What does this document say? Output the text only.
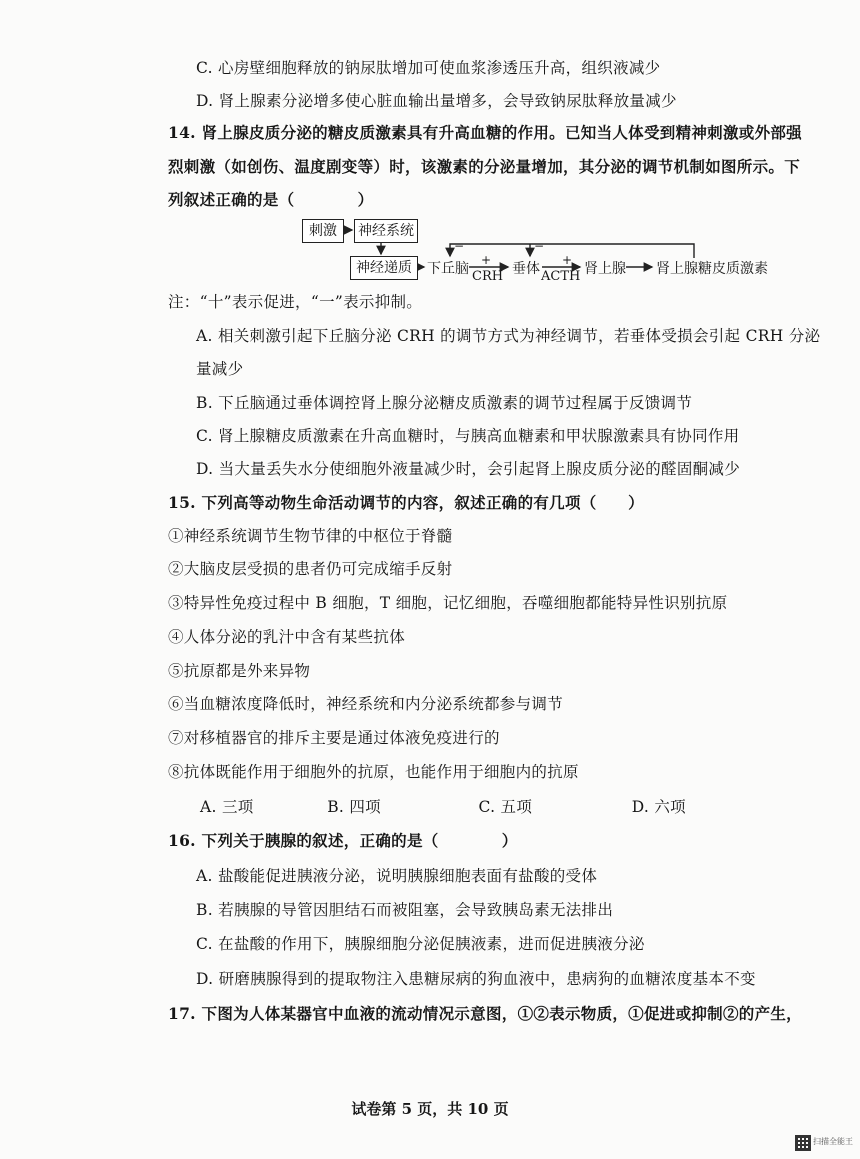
C. 心房壁细胞释放的钠尿肽增加可使血浆渗透压升高，组织液减少
D. 肾上腺素分泌增多使心脏血输出量增多，会导致钠尿肽释放量减少
14. 肾上腺皮质分泌的糖皮质激素具有升高血糖的作用。已知当人体受到精神刺激或外部强
烈刺激（如创伤、温度剧变等）时，该激素的分泌量增加，其分泌的调节机制如图所示。下
列叙述正确的是（　　　　）
刺激	神经系统
神经递质	下丘脑
+
CRH 垂体
+
ACTH 肾上腺 肾上腺糖皮质激素
−	−
注：“十”表示促进，“一”表示抑制。
A. 相关刺激引起下丘脑分泌 CRH 的调节方式为神经调节，若垂体受损会引起 CRH 分泌
量减少
B. 下丘脑通过垂体调控肾上腺分泌糖皮质激素的调节过程属于反馈调节
C. 肾上腺糖皮质激素在升高血糖时，与胰高血糖素和甲状腺激素具有协同作用
D. 当大量丢失水分使细胞外液量减少时，会引起肾上腺皮质分泌的醛固酮减少
15. 下列高等动物生命活动调节的内容，叙述正确的有几项（　　）
①神经系统调节生物节律的中枢位于脊髓
②大脑皮层受损的患者仍可完成缩手反射
③特异性免疫过程中 B 细胞，T 细胞，记忆细胞，吞噬细胞都能特异性识别抗原
④人体分泌的乳汁中含有某些抗体
⑤抗原都是外来异物
⑥当血糖浓度降低时，神经系统和内分泌系统都参与调节
⑦对移植器官的排斥主要是通过体液免疫进行的
⑧抗体既能作用于细胞外的抗原，也能作用于细胞内的抗原
A. 三项	B. 四项	C. 五项	D. 六项
16. 下列关于胰腺的叙述，正确的是（　　　　）
A. 盐酸能促进胰液分泌，说明胰腺细胞表面有盐酸的受体
B. 若胰腺的导管因胆结石而被阻塞，会导致胰岛素无法排出
C. 在盐酸的作用下，胰腺细胞分泌促胰液素，进而促进胰液分泌
D. 研磨胰腺得到的提取物注入患糖尿病的狗血液中，患病狗的血糖浓度基本不变
17. 下图为人体某器官中血液的流动情况示意图，①②表示物质，①促进或抑制②的产生，
试卷第 5 页，共 10 页
扫描全能王
